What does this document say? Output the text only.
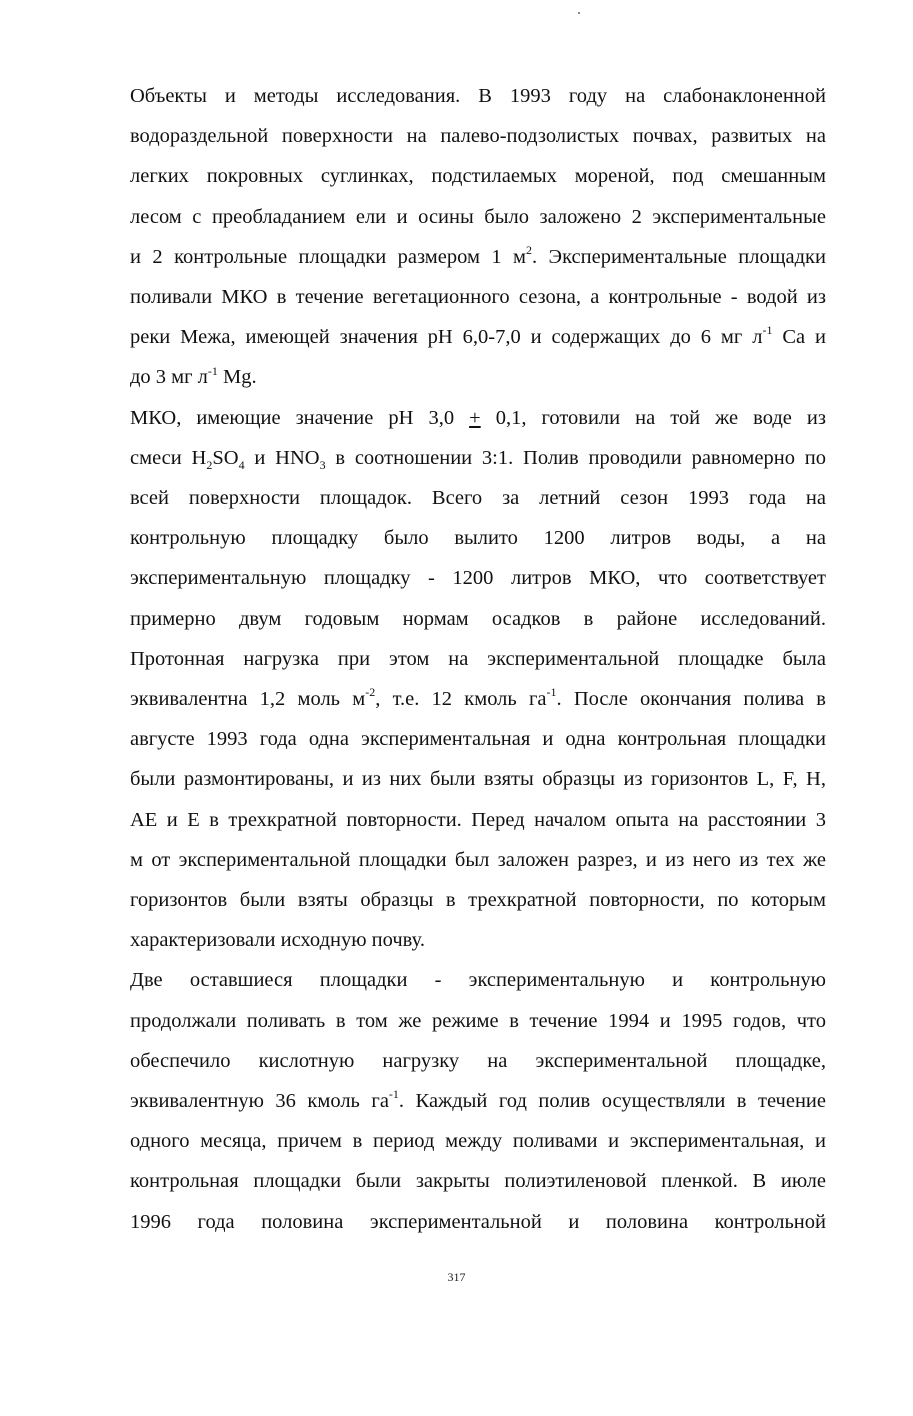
Объекты и методы исследования. В 1993 году на слабонаклоненной
водораздельной поверхности на палево-подзолистых почвах, развитых на
легких покровных суглинках, подстилаемых мореной, под смешанным
лесом с преобладанием ели и осины было заложено 2 экспериментальные
и 2 контрольные площадки размером 1 $м^2$. Экспериментальные площадки
поливали МКО в течение вегетационного сезона, а контрольные - водой из
реки Межа, имеющей значения pH 6,0-7,0 и содержащих до 6 мг $л^{-1}$ Са и
до 3 мг $л^{-1}$ Mg.

МКО, имеющие значение pH 3,0 + 0,1, готовили на той же воде из
смеси $H_2SO_4$ и $HNO_3$ в соотношении 3:1. Полив проводили равномерно по
всей поверхности площадок. Всего за летний сезон 1993 года на
контрольную площадку было вылито 1200 литров воды, а на
экспериментальную площадку - 1200 литров МКО, что соответствует
примерно двум годовым нормам осадков в районе исследований.
Протонная нагрузка при этом на экспериментальной площадке была
эквивалентна 1,2 моль $м^{-2}$, т.е. 12 кмоль $га^{-1}$. После окончания полива в
августе 1993 года одна экспериментальная и одна контрольная площадки
были размонтированы, и из них были взяты образцы из горизонтов L, F, H,
АЕ и Е в трехкратной повторности. Перед началом опыта на расстоянии 3
м от экспериментальной площадки был заложен разрез, и из него из тех же
горизонтов были взяты образцы в трехкратной повторности, по которым
характеризовали исходную почву.

Две оставшиеся площадки - экспериментальную и контрольную
продолжали поливать в том же режиме в течение 1994 и 1995 годов, что
обеспечило кислотную нагрузку на экспериментальной площадке,
эквивалентную 36 кмоль $га^{-1}$. Каждый год полив осуществляли в течение
одного месяца, причем в период между поливами и экспериментальная, и
контрольная площадки были закрыты полиэтиленовой пленкой. В июле
1996 года половина экспериментальной и половина контрольной

317
